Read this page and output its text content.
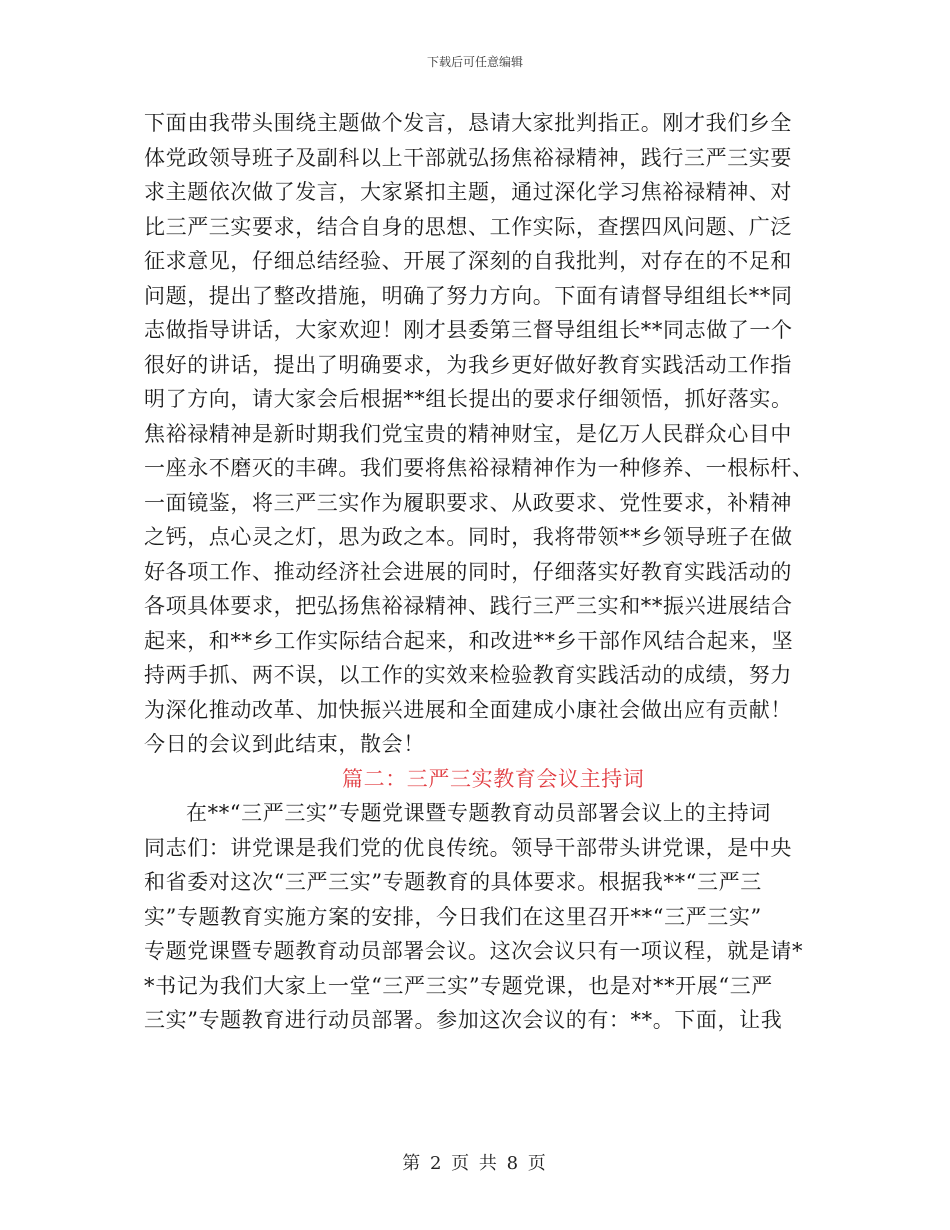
下载后可任意编辑
下面由我带头围绕主题做个发言，恳请大家批判指正。刚才我们乡全
体党政领导班子及副科以上干部就弘扬焦裕禄精神，践行三严三实要
求主题依次做了发言，大家紧扣主题，通过深化学习焦裕禄精神、对
比三严三实要求，结合自身的思想、工作实际，查摆四风问题、广泛
征求意见，仔细总结经验、开展了深刻的自我批判，对存在的不足和
问题，提出了整改措施，明确了努力方向。下面有请督导组组长**同
志做指导讲话，大家欢迎！刚才县委第三督导组组长**同志做了一个
很好的讲话，提出了明确要求，为我乡更好做好教育实践活动工作指
明了方向，请大家会后根据**组长提出的要求仔细领悟，抓好落实。
焦裕禄精神是新时期我们党宝贵的精神财宝，是亿万人民群众心目中
一座永不磨灭的丰碑。我们要将焦裕禄精神作为一种修养、一根标杆、
一面镜鉴，将三严三实作为履职要求、从政要求、党性要求，补精神
之钙，点心灵之灯，思为政之本。同时，我将带领**乡领导班子在做
好各项工作、推动经济社会进展的同时，仔细落实好教育实践活动的
各项具体要求，把弘扬焦裕禄精神、践行三严三实和**振兴进展结合
起来，和**乡工作实际结合起来，和改进**乡干部作风结合起来，坚
持两手抓、两不误，以工作的实效来检验教育实践活动的成绩，努力
为深化推动改革、加快振兴进展和全面建成小康社会做出应有贡献！
今日的会议到此结束，散会！
篇二：三严三实教育会议主持词
在**“三严三实”专题党课暨专题教育动员部署会议上的主持词
同志们：讲党课是我们党的优良传统。领导干部带头讲党课，是中央
和省委对这次“三严三实”专题教育的具体要求。根据我**“三严三
实”专题教育实施方案的安排，今日我们在这里召开**“三严三实”
专题党课暨专题教育动员部署会议。这次会议只有一项议程，就是请*
*书记为我们大家上一堂“三严三实”专题党课，也是对**开展“三严
三实”专题教育进行动员部署。参加这次会议的有：**。下面，让我
第 2 页 共 8 页
